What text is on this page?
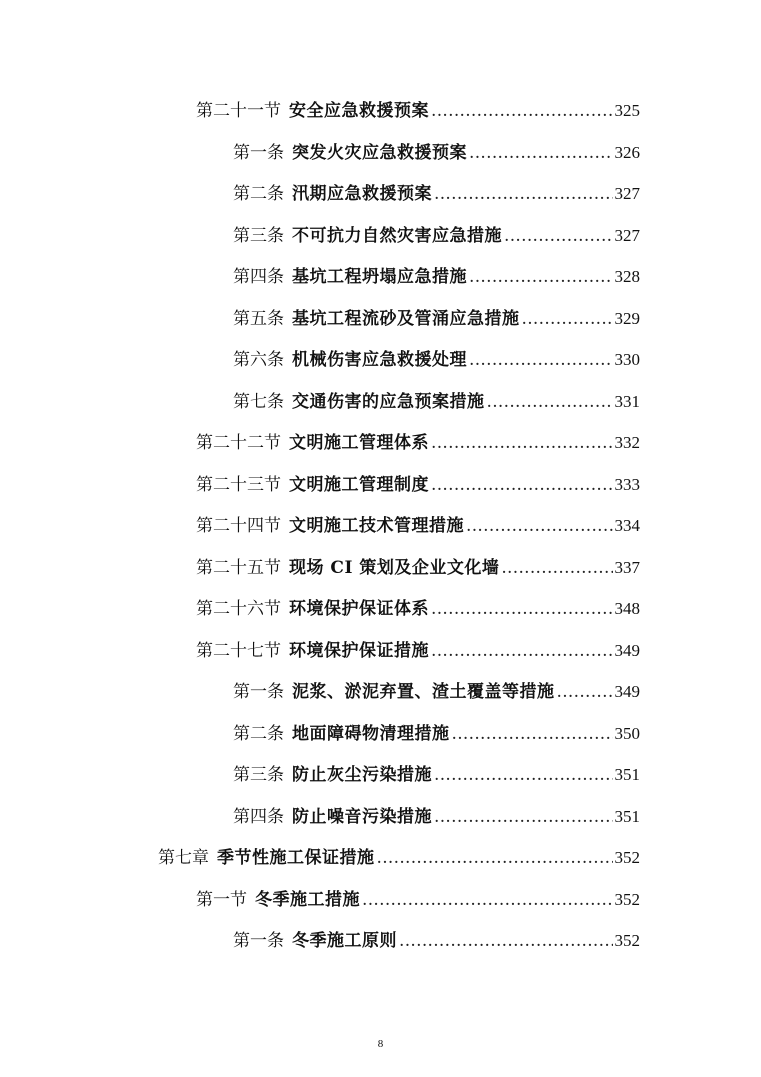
第二十一节 安全应急救援预案 .....	325
第一条 突发火灾应急救援预案 .....	326
第二条 汛期应急救援预案 .....	327
第三条 不可抗力自然灾害应急措施 .....	327
第四条 基坑工程坍塌应急措施 .....	328
第五条 基坑工程流砂及管涌应急措施 .....	329
第六条 机械伤害应急救援处理 .....	330
第七条 交通伤害的应急预案措施 .....	331
第二十二节 文明施工管理体系 .....	332
第二十三节 文明施工管理制度 .....	333
第二十四节 文明施工技术管理措施 .....	334
第二十五节 现场 CI 策划及企业文化墙 .....	337
第二十六节 环境保护保证体系 .....	348
第二十七节 环境保护保证措施 .....	349
第一条 泥浆、淤泥弃置、渣土覆盖等措施 .....	349
第二条 地面障碍物清理措施 .....	350
第三条 防止灰尘污染措施 .....	351
第四条 防止噪音污染措施 .....	351
第七章 季节性施工保证措施 .....	352
第一节 冬季施工措施 .....	352
第一条 冬季施工原则 .....	352
8
